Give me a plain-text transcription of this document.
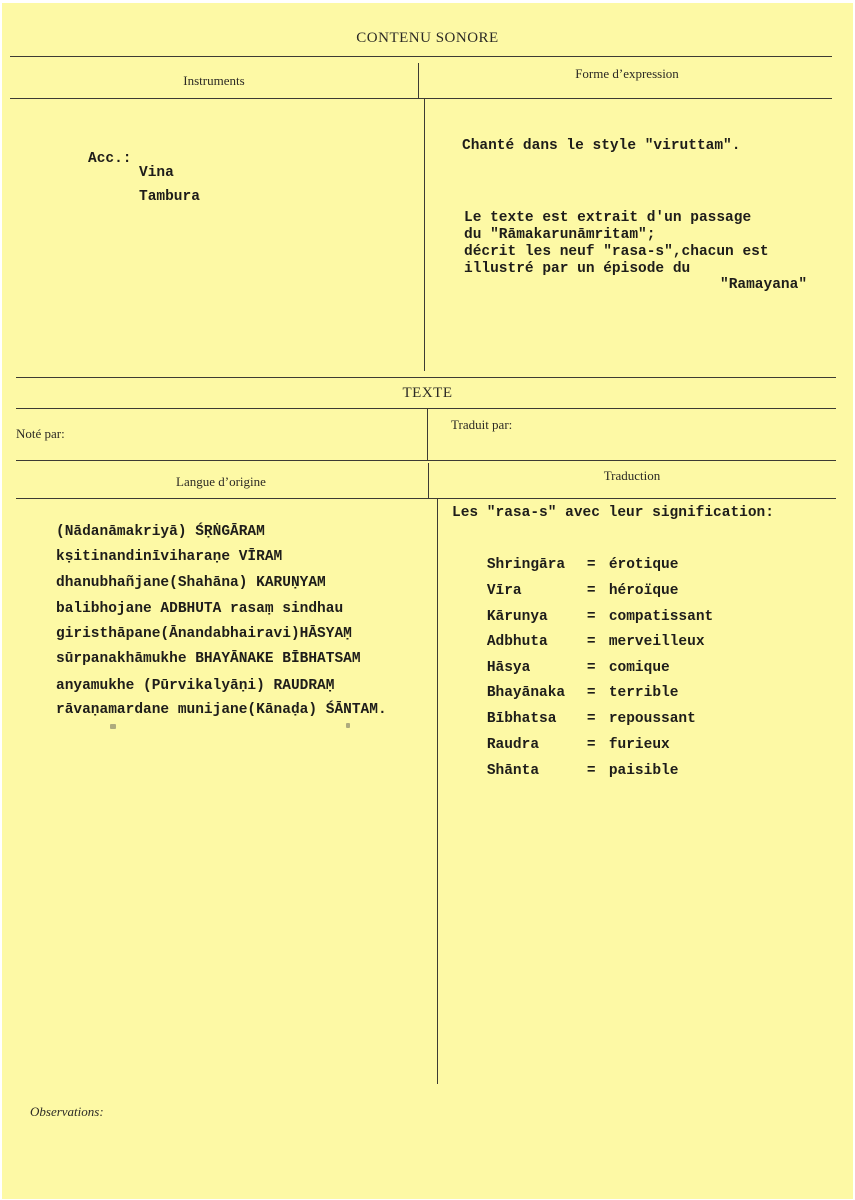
CONTENU SONORE
Instruments	Forme d’expression
Acc.:
Vina
Tambura
Chanté dans le style "viruttam".
Le texte est extrait d'un passage
du "Rāmakarunāmritam";
décrit les neuf "rasa-s",chacun est
illustré par un épisode du
"Ramayana"
TEXTE
Noté par:
Traduit par:
Langue d’origine	Traduction
(Nādanāmakriyā) ŚṚṄGĀRAM
kṣitinandinīviharaṇe VĪRAM
dhanubhañjane(Shahāna) KARUṆYAM
balibhojane ADBHUTA rasaṃ sindhau
giristhāpane(Ānandabhairavi)HĀSYAṂ
sūrpanakhāmukhe BHAYĀNAKE BĪBHATSAM
anyamukhe (Pūrvikalyāṇi) RAUDRAṂ
rāvaṇamardane munijane(Kānaḍa) ŚĀNTAM.
Les "rasa-s" avec leur signification:

Shringāra = érotique

Vīra	= héroïque

Kārunya	= compatissant

Adbhuta	= merveilleux

Hāsya	= comique

Bhayānaka = terrible

Bībhatsa = repoussant

Raudra	= furieux

Shānta	= paisible

Observations:
